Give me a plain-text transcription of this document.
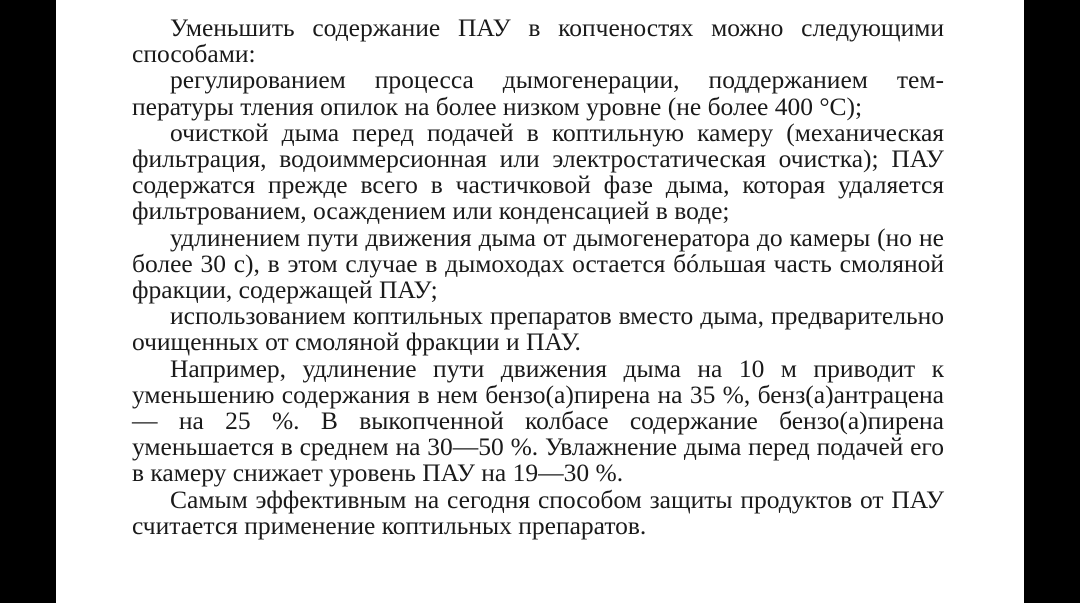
Уменьшить содержание ПАУ в копченостях можно следующими способами:

регулированием процесса дымогенерации, поддержанием температуры тления опилок на более низком уровне (не более 400 °С);

очисткой дыма перед подачей в коптильную камеру (механическая фильтрация, водоиммерсионная или электростатическая очистка); ПАУ содержатся прежде всего в частичковой фазе дыма, которая удаляется фильтрованием, осаждением или конденсацией в воде;

удлинением пути движения дыма от дымогенератора до камеры (но не более 30 с), в этом случае в дымоходах остается бóльшая часть смоляной фракции, содержащей ПАУ;

использованием коптильных препаратов вместо дыма, предварительно очищенных от смоляной фракции и ПАУ.

Например, удлинение пути движения дыма на 10 м приводит к уменьшению содержания в нем бензо(а)пирена на 35 %, бенз(а)антрацена — на 25 %. В выкопченной колбасе содержание бензо(а)пирена уменьшается в среднем на 30—50 %. Увлажнение дыма перед подачей его в камеру снижает уровень ПАУ на 19—30 %.

Самым эффективным на сегодня способом защиты продуктов от ПАУ считается применение коптильных препаратов.
